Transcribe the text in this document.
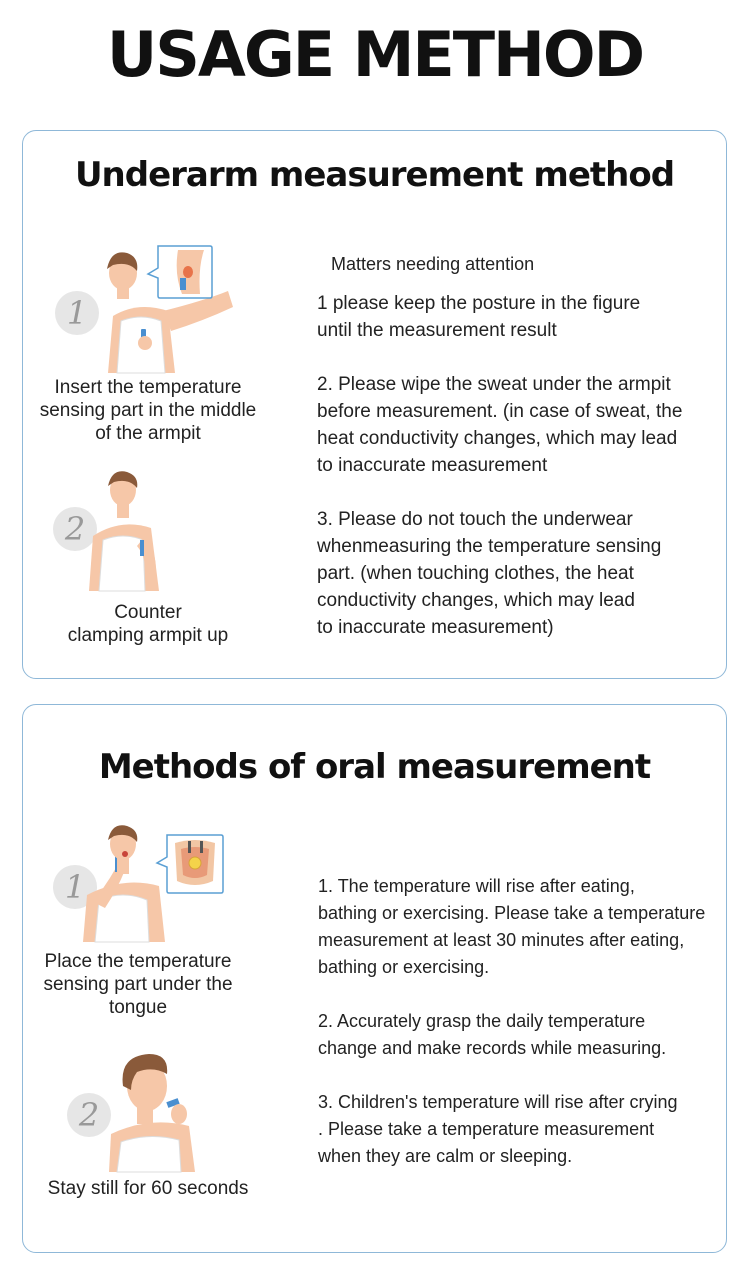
USAGE METHOD
Underarm measurement method
1
Insert the temperature
sensing part in the middle
of the armpit
2
Counter
clamping armpit up
Matters needing attention
1 please keep the posture in the figure
until the measurement result
2. Please wipe the sweat under the armpit
before measurement. (in case of sweat, the
heat conductivity changes, which may lead
to inaccurate measurement
3. Please do not touch the underwear
whenmeasuring the temperature sensing
part. (when touching clothes, the heat
conductivity changes, which may lead
to inaccurate measurement)
Methods of oral measurement
1
Place the temperature
sensing part under the
tongue
2
Stay still for 60 seconds
1. The temperature will rise after eating,
bathing or exercising. Please take a temperature
measurement at least 30 minutes after eating,
bathing or exercising.
2. Accurately grasp the daily temperature
change and make records while measuring.
3. Children's temperature will rise after crying
. Please take a temperature measurement
when they are calm or sleeping.
